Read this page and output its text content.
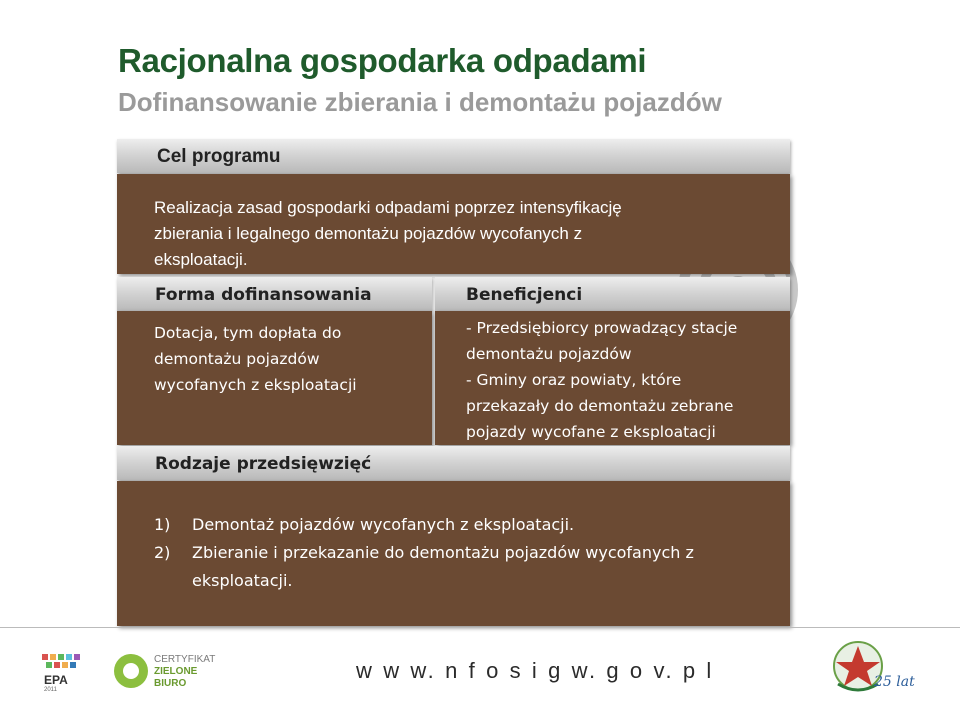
Racjonalna gospodarka odpadami
Dofinansowanie zbierania i demontażu pojazdów
Cel programu

Realizacja zasad gospodarki odpadami poprzez intensyfikację
zbierania i legalnego demontażu pojazdów wycofanych z
eksploatacji.

Forma dofinansowania

Dotacja, tym dopłata do
demontażu pojazdów
wycofanych z eksploatacji

Beneficjenci

- Przedsiębiorcy prowadzący stacje
demontażu pojazdów
- Gminy oraz powiaty, które
przekazały do demontażu zebrane
pojazdy wycofane z eksploatacji

Rodzaje przedsięwzięć
1) Demontaż pojazdów wycofanych z eksploatacji.
2) Zbieranie i przekazanie do demontażu pojazdów wycofanych z
eksploatacji.
EPA
2011
CERTYFIKAT
ZIELONE
BIURO
w w w. n f o s i g w. g o v. p l	25 lat
